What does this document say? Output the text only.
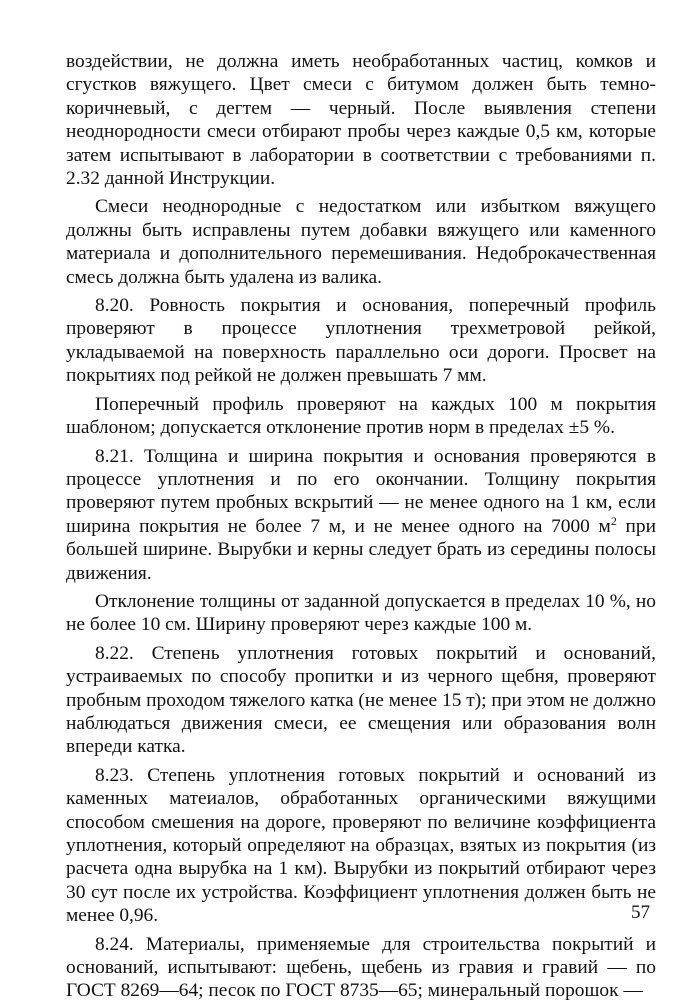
воздействии, не должна иметь необработанных частиц, комков и сгустков вяжущего. Цвет смеси с битумом должен быть темно-коричневый, с дегтем — черный. После выявления степени неоднородности смеси отбирают пробы через каждые 0,5 км, которые затем испытывают в лаборатории в соответствии с требованиями п. 2.32 данной Инструкции.

Смеси неоднородные с недостатком или избытком вяжущего должны быть исправлены путем добавки вяжущего или каменного материала и дополнительного перемешивания. Недоброкачественная смесь должна быть удалена из валика.

8.20. Ровность покрытия и основания, поперечный профиль проверяют в процессе уплотнения трехметровой рейкой, укладываемой на поверхность параллельно оси дороги. Просвет на покрытиях под рейкой не должен превышать 7 мм.

Поперечный профиль проверяют на каждых 100 м покрытия шаблоном; допускается отклонение против норм в пределах ±5 %.

8.21. Толщина и ширина покрытия и основания проверяются в процессе уплотнения и по его окончании. Толщину покрытия проверяют путем пробных вскрытий — не менее одного на 1 км, если ширина покрытия не более 7 м, и не менее одного на 7000 $м^2$ при большей ширине. Вырубки и керны следует брать из середины полосы движения.

Отклонение толщины от заданной допускается в пределах 10 %, но не более 10 см. Ширину проверяют через каждые 100 м.

8.22. Степень уплотнения готовых покрытий и оснований, устраиваемых по способу пропитки и из черного щебня, проверяют пробным проходом тяжелого катка (не менее 15 т); при этом не должно наблюдаться движения смеси, ее смещения или образования волн впереди катка.

8.23. Степень уплотнения готовых покрытий и оснований из каменных матеиалов, обработанных органическими вяжущими способом смешения на дороге, проверяют по величине коэффициента уплотнения, который определяют на образцах, взятых из покрытия (из расчета одна вырубка на 1 км). Вырубки из покрытий отбирают через 30 сут после их устройства. Коэффициент уплотнения должен быть не менее 0,96.

8.24. Материалы, применяемые для строительства покрытий и оснований, испытывают: щебень, щебень из гравия и гравий — по ГОСТ 8269—64; песок по ГОСТ 8735—65; минеральный порошок —

57
